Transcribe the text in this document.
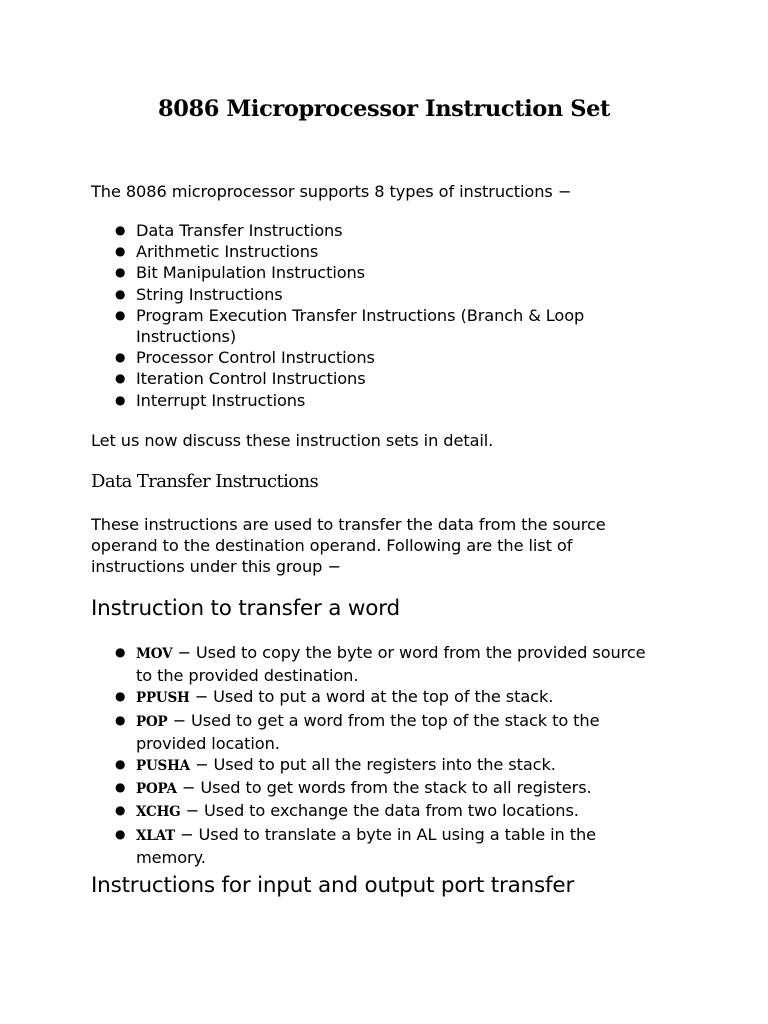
8086 Microprocessor Instruction Set

The 8086 microprocessor supports 8 types of instructions −

● Data Transfer Instructions
● Arithmetic Instructions
● Bit Manipulation Instructions
● String Instructions
● Program Execution Transfer Instructions (Branch & Loop Instructions)
● Processor Control Instructions
● Iteration Control Instructions
● Interrupt Instructions

Let us now discuss these instruction sets in detail.

Data Transfer Instructions

These instructions are used to transfer the data from the source operand to the destination operand. Following are the list of instructions under this group −

Instruction to transfer a word
● MOV − Used to copy the byte or word from the provided source to the provided destination.
● PPUSH − Used to put a word at the top of the stack.
● POP − Used to get a word from the top of the stack to the provided location.
● PUSHA − Used to put all the registers into the stack.
● POPA − Used to get words from the stack to all registers.
● XCHG − Used to exchange the data from two locations.
● XLAT − Used to translate a byte in AL using a table in the memory.
Instructions for input and output port transfer
